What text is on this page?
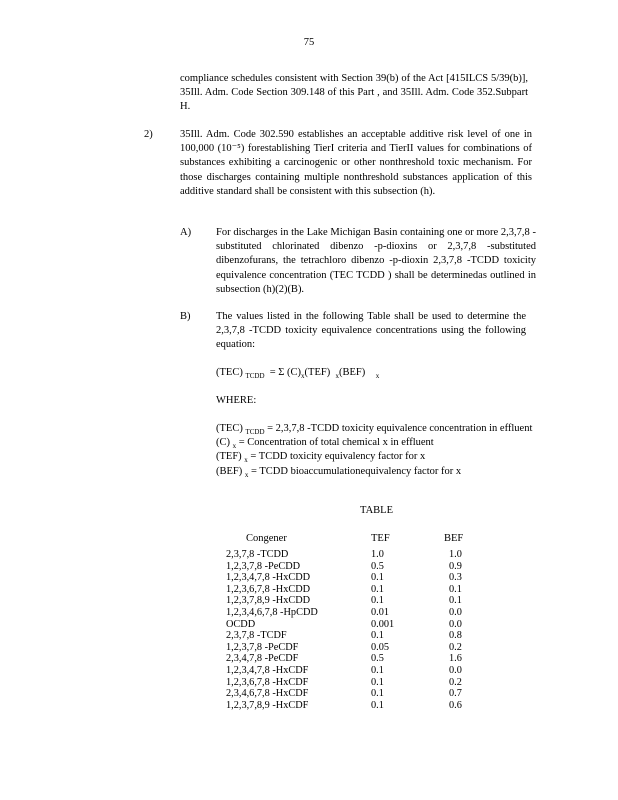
75
compliance schedules consistent with Section 39(b) of the Act [415ILCS 5/39(b)], 35Ill. Adm. Code Section 309.148 of this Part , and 35Ill. Adm. Code 352.Subpart H.
2)	35Ill. Adm. Code 302.590 establishes an acceptable additive risk level of one in 100,000 (10⁻⁵) forestablishing TierI criteria and TierII values for combinations of substances exhibiting a carcinogenic or other nonthreshold toxic mechanism. For those discharges containing multiple nonthreshold substances application of this additive standard shall be consistent with this subsection (h).
A) For discharges in the Lake Michigan Basin containing one or more 2,3,7,8 -substituted chlorinated dibenzo -p-dioxins or 2,3,7,8 -substituted dibenzofurans, the tetrachloro dibenzo -p-dioxin 2,3,7,8 -TCDD toxicity equivalence concentration (TEC TCDD ) shall be determinedas outlined in subsection (h)(2)(B).
B) The values listed in the following Table shall be used to determine the 2,3,7,8 -TCDD toxicity equivalence concentrations using the following equation:
(TEC) $_{TCDD}$ = Σ $(C)_x(TEF)$ $_x$(BEF) $_x$
WHERE:
(TEC) $_{TCDD}$ = 2,3,7,8 -TCDD toxicity equivalence concentration in effluent
(C) $_x$ = Concentration of total chemical x in effluent
(TEF) $_x$ = TCDD toxicity equivalency factor for x
(BEF) $_x$ = TCDD bioaccumulationequivalency factor for x
TABLE
Congener	TEF	BEF
2,3,7,8 -TCDD	1.0	1.0
1,2,3,7,8 -PeCDD	0.5	0.9
1,2,3,4,7,8 -HxCDD	0.1	0.3
1,2,3,6,7,8 -HxCDD	0.1	0.1
1,2,3,7,8,9 -HxCDD	0.1	0.1
1,2,3,4,6,7,8 -HpCDD	0.01	0.0
OCDD	0.001	0.0
2,3,7,8 -TCDF	0.1	0.8
1,2,3,7,8 -PeCDF	0.05	0.2
2,3,4,7,8 -PeCDF	0.5	1.6
1,2,3,4,7,8 -HxCDF	0.1	0.0
1,2,3,6,7,8 -HxCDF	0.1	0.2
2,3,4,6,7,8 -HxCDF	0.1	0.7
1,2,3,7,8,9 -HxCDF	0.1	0.6
